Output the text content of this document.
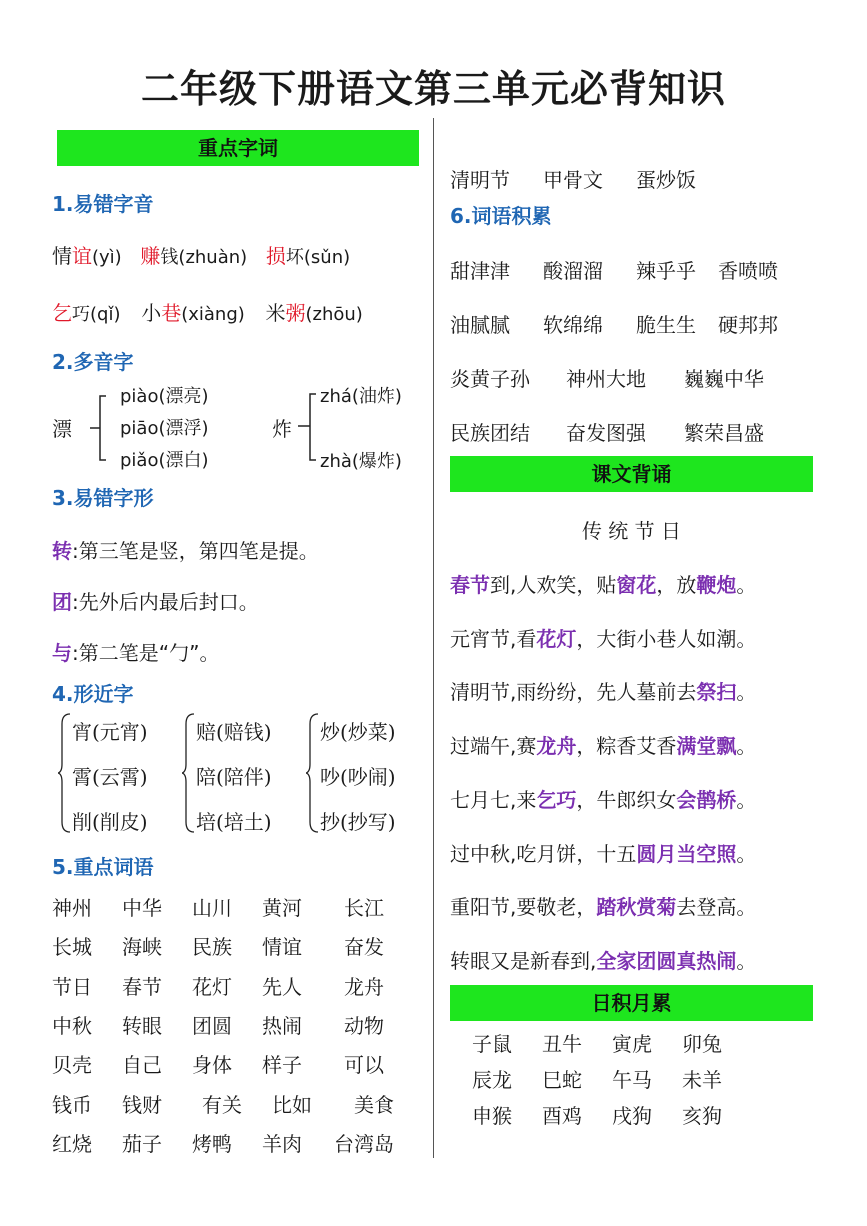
二年级下册语文第三单元必背知识
重点字词
1.易错字音
情谊(yì) 赚钱(zhuàn) 损坏(sǔn)
乞巧(qǐ) 小巷(xiàng) 米粥(zhōu)
2.多音字
漂
piào(漂亮)
piāo(漂浮)
piǎo(漂白)
炸
zhá(油炸)
zhà(爆炸)
3.易错字形
转:第三笔是竖，第四笔是提。
团:先外后内最后封口。
与:第二笔是“勹”。
4.形近字
宵(元宵)
霄(云霄)
削(削皮)
赔(赔钱)
陪(陪伴)
培(培土)
炒(炒菜)
吵(吵闹)
抄(抄写)
5.重点词语
神州 中华 山川 黄河 长江
长城 海峡 民族 情谊 奋发
节日 春节 花灯 先人 龙舟
中秋 转眼 团圆 热闹 动物
贝壳 自己 身体 样子 可以
钱币 钱财 有关 比如 美食
红烧 茄子 烤鸭 羊肉 台湾岛
清明节 甲骨文 蛋炒饭
6.词语积累
甜津津 酸溜溜 辣乎乎 香喷喷
油腻腻 软绵绵 脆生生 硬邦邦
炎黄子孙 神州大地 巍巍中华
民族团结 奋发图强 繁荣昌盛
课文背诵
传 统 节 日
春节到,人欢笑，贴窗花，放鞭炮。
元宵节,看花灯，大街小巷人如潮。
清明节,雨纷纷，先人墓前去祭扫。
过端午,赛龙舟，粽香艾香满堂飘。
七月七,来乞巧，牛郎织女会鹊桥。
过中秋,吃月饼，十五圆月当空照。
重阳节,要敬老，踏秋赏菊去登高。
转眼又是新春到,全家团圆真热闹。
日积月累
子鼠 丑牛 寅虎 卯兔
辰龙 巳蛇 午马 未羊
申猴 酉鸡 戌狗 亥狗
